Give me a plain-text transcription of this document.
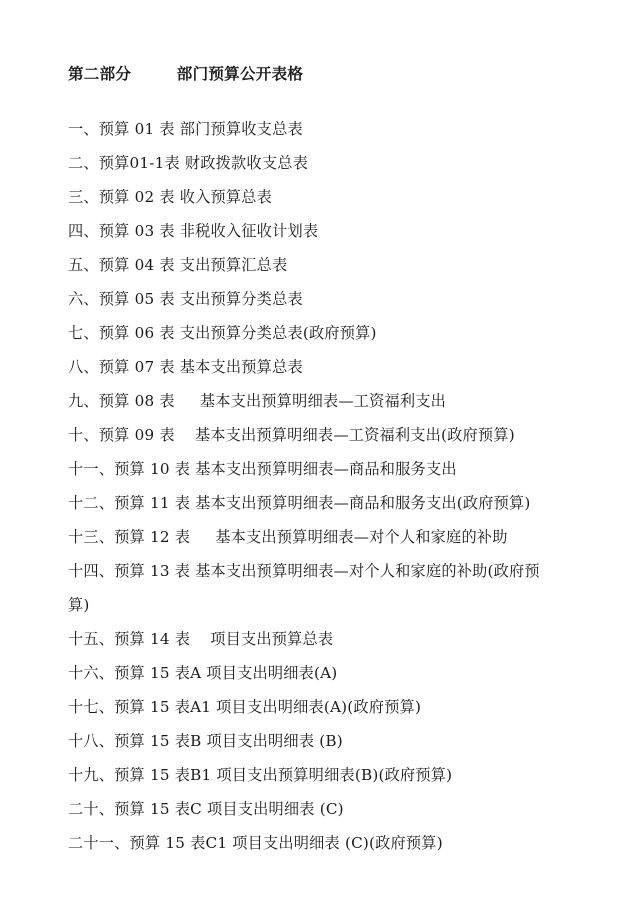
第二部分        部门预算公开表格
一、预算 01 表 部门预算收支总表
二、预算01-1表 财政拨款收支总表
三、预算 02 表 收入预算总表
四、预算 03 表 非税收入征收计划表
五、预算 04 表 支出预算汇总表
六、预算 05 表 支出预算分类总表
七、预算 06 表 支出预算分类总表(政府预算)
八、预算 07 表 基本支出预算总表
九、预算 08 表     基本支出预算明细表—工资福利支出
十、预算 09 表    基本支出预算明细表—工资福利支出(政府预算)
十一、预算 10 表 基本支出预算明细表—商品和服务支出
十二、预算 11 表 基本支出预算明细表—商品和服务支出(政府预算)
十三、预算 12 表     基本支出预算明细表—对个人和家庭的补助
十四、预算 13 表 基本支出预算明细表—对个人和家庭的补助(政府预算)
十五、预算 14 表    项目支出预算总表
十六、预算 15 表A 项目支出明细表(A)
十七、预算 15 表A1 项目支出明细表(A)(政府预算)
十八、预算 15 表B 项目支出明细表 (B)
十九、预算 15 表B1 项目支出预算明细表(B)(政府预算)
二十、预算 15 表C 项目支出明细表 (C)
二十一、预算 15 表C1 项目支出明细表 (C)(政府预算)
